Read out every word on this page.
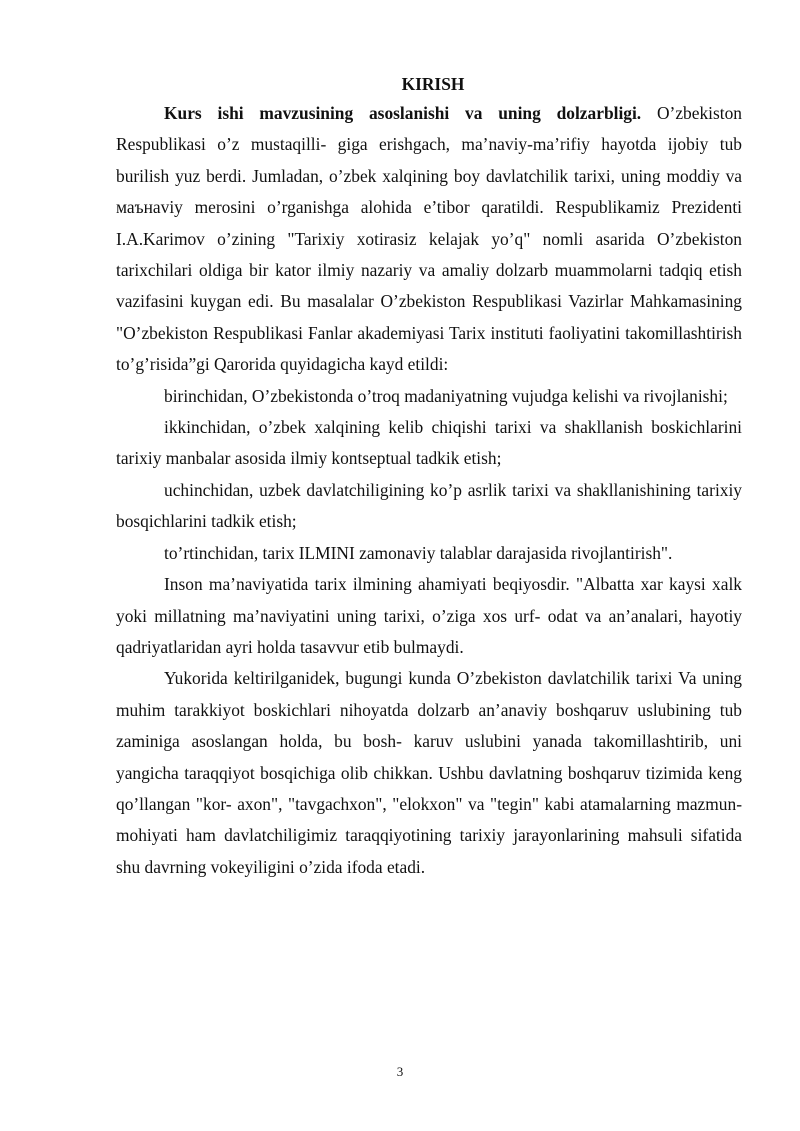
KIRISH

Kurs ishi mavzusining asoslanishi va uning dolzarbligi. O’zbekiston Respublikasi o’z mustaqilli- giga erishgach, ma’naviy-ma’rifiy hayotda ijobiy tub burilish yuz berdi. Jumladan, o’zbek xalqining boy davlatchilik tarixi, uning moddiy va маънaviy merosini o’rganishga alohida e’tibor qaratildi. Respublikamiz Prezidenti I.A.Karimov o’zining "Tarixiy xotirasiz kelajak yo’q" nomli asarida O’zbekiston tarixchilari oldiga bir kator ilmiy nazariy va amaliy dolzarb muammolarni tadqiq etish vazifasini kuygan edi. Bu masalalar O’zbekiston Respublikasi Vazirlar Mahkamasining "O’zbekiston Respublikasi Fanlar akademiyasi Tarix instituti faoliyatini takomillashtirish to’g’risida”gi Qarorida quyidagicha kayd etildi:

birinchidan, O’zbekistonda o’troq madaniyatning vujudga kelishi va rivojlanishi;

ikkinchidan, o’zbek xalqining kelib chiqishi tarixi va shakllanish boskichlarini tarixiy manbalar asosida ilmiy kontseptual tadkik etish;

uchinchidan, uzbek davlatchiligining ko’p asrlik tarixi va shakllanishining tarixiy bosqichlarini tadkik etish;

to’rtinchidan, tarix ILMINI zamonaviy talablar darajasida rivojlantirish".

Inson ma’naviyatida tarix ilmining ahamiyati beqiyosdir. "Albatta xar kaysi xalk yoki millatning ma’naviyatini uning tarixi, o’ziga xos urf- odat va an’analari, hayotiy qadriyatlaridan ayri holda tasavvur etib bulmaydi.

Yukorida keltirilganidek, bugungi kunda O’zbekiston davlatchilik tarixi Va uning muhim tarakkiyot boskichlari nihoyatda dolzarb an’anaviy boshqaruv uslubining tub zaminiga asoslangan holda, bu bosh- karuv uslubini yanada takomillashtirib, uni yangicha taraqqiyot bosqichiga olib chikkan. Ushbu davlatning boshqaruv tizimida keng qo’llangan "kor- axon", "tavgachxon", "elokxon" va "tegin" kabi atamalarning mazmun- mohiyati ham davlatchiligimiz taraqqiyotining tarixiy jarayonlarining mahsuli sifatida shu davrning vokeyiligini o’zida ifoda etadi.

3
